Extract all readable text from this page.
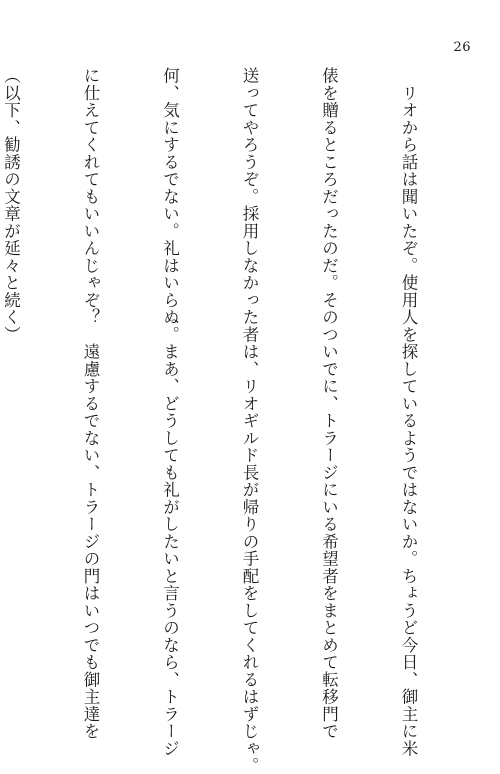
26

　リオから話は聞いたぞ。使用人を探しているようではないか。ちょうど今日、御主に米

俵を贈るところだったのだ。そのついでに、トラージにいる希望者をまとめて転移門で

送ってやろうぞ。採用しなかった者は、リオギルド長が帰りの手配をしてくれるはずじゃ。

何、気にするでない。礼はいらぬ。まあ、どうしても礼がしたいと言うのなら、トラージ

に仕えてくれてもいいんじゃぞ？　遠慮するでない、トラージの門はいつでも御主達を

（以下、勧誘の文章が延々と続く）
